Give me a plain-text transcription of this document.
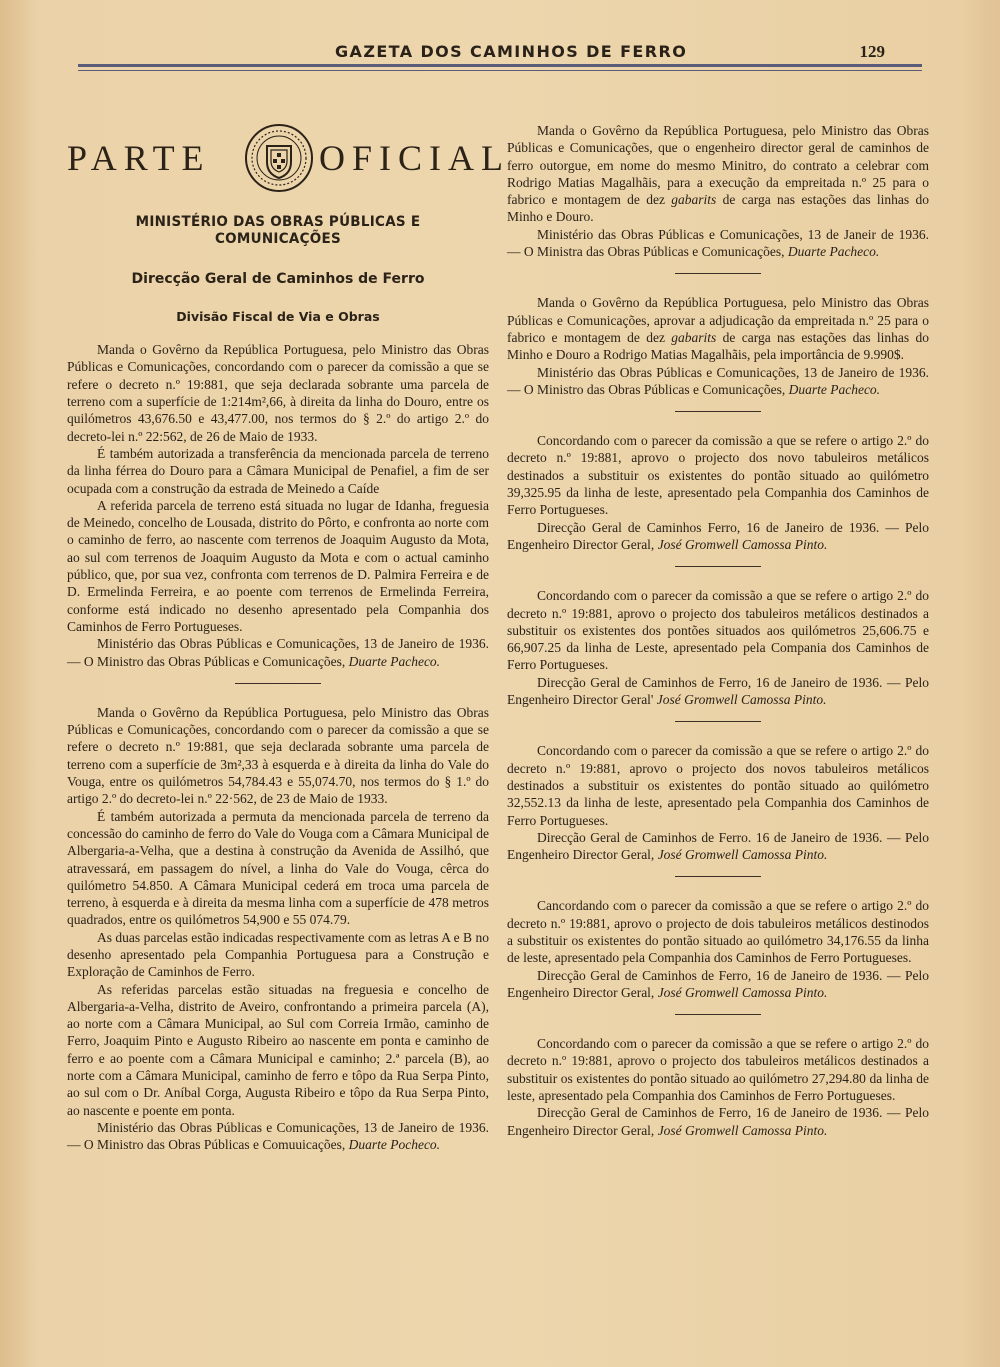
GAZETA DOS CAMINHOS DE FERRO	129
PARTE	OFICIAL
MINISTÉRIO DAS OBRAS PÚBLICAS E COMUNICAÇÕES
Direcção Geral de Caminhos de Ferro
Divisão Fiscal de Via e Obras

Manda o Govêrno da República Portuguesa, pelo Ministro das Obras Públicas e Comunicações, concordando com o parecer da comissão a que se refere o decreto n.º 19:881, que seja declarada sobrante uma parcela de terreno com a superfície de 1:214m²,66, à direita da linha do Douro, entre os quilómetros 43,676.50 e 43,477.00, nos termos do § 2.º do artigo 2.º do decreto-lei n.º 22:562, de 26 de Maio de 1933.

É também autorizada a transferência da mencionada parcela de terreno da linha férrea do Douro para a Câmara Municipal de Penafiel, a fim de ser ocupada com a construção da estrada de Meinedo a Caíde

A referida parcela de terreno está situada no lugar de Idanha, freguesia de Meinedo, concelho de Lousada, distrito do Pôrto, e confronta ao norte com o caminho de ferro, ao nascente com terrenos de Joaquim Augusto da Mota, ao sul com terrenos de Joaquim Augusto da Mota e com o actual caminho público, que, por sua vez, confronta com terrenos de D. Palmira Ferreira e de D. Ermelinda Ferreira, e ao poente com terrenos de Ermelinda Ferreira, conforme está indicado no desenho apresentado pela Companhia dos Caminhos de Ferro Portugueses.

Ministério das Obras Públicas e Comunicações, 13 de Janeiro de 1936. — O Ministro das Obras Públicas e Comunicações, Duarte Pacheco.

Manda o Govêrno da República Portuguesa, pelo Ministro das Obras Públicas e Comunicações, concordando com o parecer da comissão a que se refere o decreto n.º 19:881, que seja declarada sobrante uma parcela de terreno com a superfície de 3m²,33 à esquerda e à direita da linha do Vale do Vouga, entre os quilómetros 54,784.43 e 55,074.70, nos termos do § 1.º do artigo 2.º do decreto-lei n.º 22·562, de 23 de Maio de 1933.

É também autorizada a permuta da mencionada parcela de terreno da concessão do caminho de ferro do Vale do Vouga com a Câmara Municipal de Albergaria-a-Velha, que a destina à construção da Avenida de Assilhó, que atravessará, em passagem do nível, a linha do Vale do Vouga, cêrca do quilómetro 54.850. A Câmara Municipal cederá em troca uma parcela de terreno, à esquerda e à direita da mesma linha com a superfície de 478 metros quadrados, entre os quilómetros 54,900 e 55 074.79.

As duas parcelas estão indicadas respectivamente com as letras A e B no desenho apresentado pela Companhia Portuguesa para a Construção e Exploração de Caminhos de Ferro.

As referidas parcelas estão situadas na freguesia e concelho de Albergaria-a-Velha, distrito de Aveiro, confrontando a primeira parcela (A), ao norte com a Câmara Municipal, ao Sul com Correia Irmão, caminho de Ferro, Joaquim Pinto e Augusto Ribeiro ao nascente em ponta e caminho de ferro e ao poente com a Câmara Municipal e caminho; 2.ª parcela (B), ao norte com a Câmara Municipal, caminho de ferro e tôpo da Rua Serpa Pinto, ao sul com o Dr. Aníbal Corga, Augusta Ribeiro e tôpo da Rua Serpa Pinto, ao nascente e poente em ponta.

Ministério das Obras Públicas e Comunicações, 13 de Janeiro de 1936. — O Ministro das Obras Públicas e Comuuicações, Duarte Pocheco.

Manda o Govêrno da República Portuguesa, pelo Ministro das Obras Públicas e Comunicações, que o engenheiro director geral de caminhos de ferro outorgue, em nome do mesmo Minitro, do contrato a celebrar com Rodrigo Matias Magalhãis, para a execução da empreitada n.º 25 para o fabrico e montagem de dez gabarits de carga nas estações das linhas do Minho e Douro.

Ministério das Obras Públicas e Comunicações, 13 de Janeir de 1936. — O Ministra das Obras Públicas e Comunicações, Duarte Pacheco.

Manda o Govêrno da República Portuguesa, pelo Ministro das Obras Públicas e Comunicações, aprovar a adjudicação da empreitada n.º 25 para o fabrico e montagem de dez gabarits de carga nas estações das linhas do Minho e Douro a Rodrigo Matias Magalhãis, pela importância de 9.990$.

Ministério das Obras Públicas e Comunicações, 13 de Janeiro de 1936. — O Ministro das Obras Públicas e Comunicações, Duarte Pacheco.

Concordando com o parecer da comissão a que se refere o artigo 2.º do decreto n.º 19:881, aprovo o projecto dos novo tabuleiros metálicos destinados a substituir os existentes do pontão situado ao quilómetro 39,325.95 da linha de leste, apresentado pela Companhia dos Caminhos de Ferro Portugueses.

Direcção Geral de Caminhos Ferro, 16 de Janeiro de 1936. — Pelo Engenheiro Director Geral, José Gromwell Camossa Pinto.

Concordando com o parecer da comissão a que se refere o artigo 2.º do decreto n.º 19:881, aprovo o projecto dos tabuleiros metálicos destinados a substituir os existentes dos pontões situados aos quilómetros 25,606.75 e 66,907.25 da linha de Leste, apresentado pela Compania dos Caminhos de Ferro Portugueses.

Direcção Geral de Caminhos de Ferro, 16 de Janeiro de 1936. — Pelo Engenheiro Director Geral' José Gromwell Camossa Pinto.

Concordando com o parecer da comissão a que se refere o artigo 2.º do decreto n.º 19:881, aprovo o projecto dos novos tabuleiros metálicos destinados a substituir os existentes do pontão situado ao quilómetro 32,552.13 da linha de leste, apresentado pela Companhia dos Caminhos de Ferro Portugueses.

Direcção Geral de Caminhos de Ferro. 16 de Janeiro de 1936. — Pelo Engenheiro Director Geral, José Gromwell Camossa Pinto.

Cancordando com o parecer da comissão a que se refere o artigo 2.º do decreto n.º 19:881, aprovo o projecto de dois tabuleiros metálicos destinodos a substituir os existentes do pontão situado ao quilómetro 34,176.55 da linha de leste, apresentado pela Companhia dos Caminhos de Ferro Portugueses.

Direcção Geral de Caminhos de Ferro, 16 de Janeiro de 1936. — Pelo Engenheiro Director Geral, José Gromwell Camossa Pinto.

Concordando com o parecer da comissão a que se refere o artigo 2.º do decreto n.º 19:881, aprovo o projecto dos tabuleiros metálicos destinados a substituir os existentes do pontão situado ao quilómetro 27,294.80 da linha de leste, apresentado pela Companhia dos Caminhos de Ferro Portugueses.

Direcção Geral de Caminhos de Ferro, 16 de Janeiro de 1936. — Pelo Engenheiro Director Geral, José Gromwell Camossa Pinto.
